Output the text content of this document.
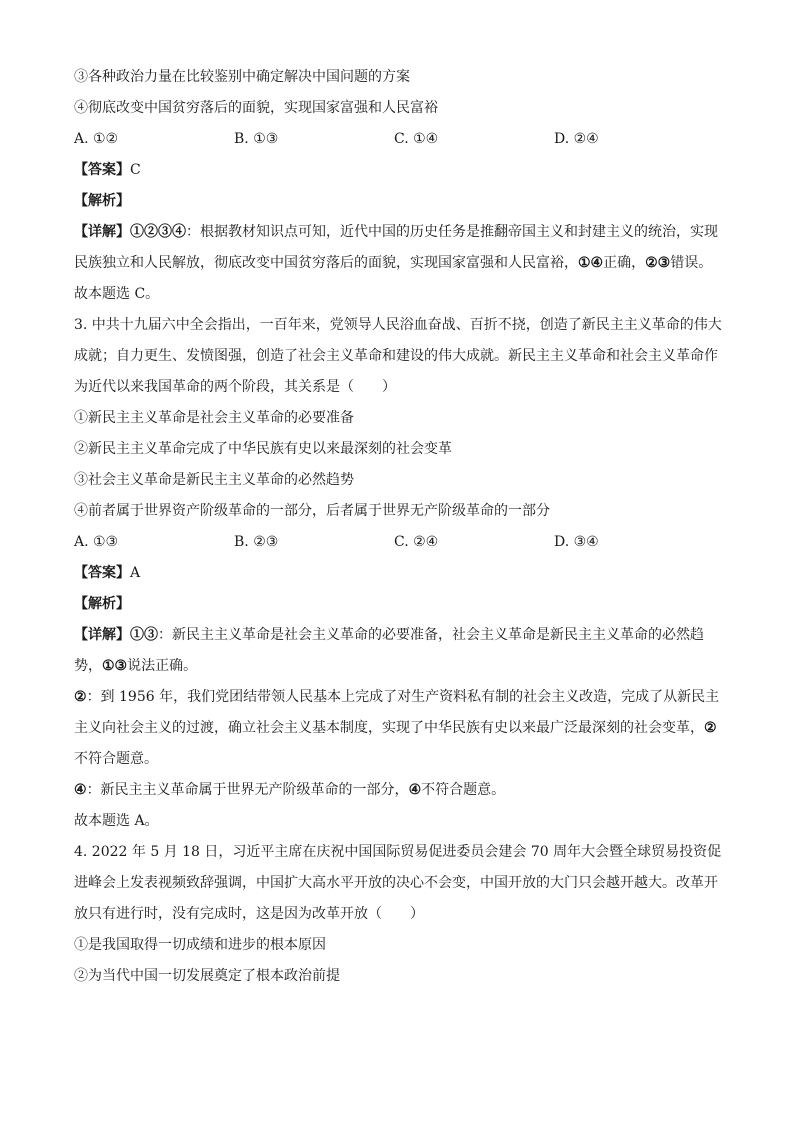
③各种政治力量在比较鉴别中确定解决中国问题的方案
④彻底改变中国贫穷落后的面貌，实现国家富强和人民富裕
A. ①②	B. ①③	C. ①④	D. ②④
【答案】C
【解析】
【详解】①②③④：根据教材知识点可知，近代中国的历史任务是推翻帝国主义和封建主义的统治，实现民族独立和人民解放，彻底改变中国贫穷落后的面貌，实现国家富强和人民富裕，①④正确，②③错误。
故本题选 C。
3. 中共十九届六中全会指出，一百年来，党领导人民浴血奋战、百折不挠，创造了新民主主义革命的伟大成就；自力更生、发愤图强，创造了社会主义革命和建设的伟大成就。新民主主义革命和社会主义革命作为近代以来我国革命的两个阶段，其关系是（　　）
①新民主主义革命是社会主义革命的必要准备
②新民主主义革命完成了中华民族有史以来最深刻的社会变革
③社会主义革命是新民主主义革命的必然趋势
④前者属于世界资产阶级革命的一部分，后者属于世界无产阶级革命的一部分
A. ①③	B. ②③	C. ②④	D. ③④
【答案】A
【解析】
【详解】①③：新民主主义革命是社会主义革命的必要准备，社会主义革命是新民主主义革命的必然趋势，①③说法正确。
②：到 1956 年，我们党团结带领人民基本上完成了对生产资料私有制的社会主义改造，完成了从新民主主义向社会主义的过渡，确立社会主义基本制度，实现了中华民族有史以来最广泛最深刻的社会变革，②不符合题意。
④：新民主主义革命属于世界无产阶级革命的一部分，④不符合题意。
故本题选 A。
4. 2022 年 5 月 18 日，习近平主席在庆祝中国国际贸易促进委员会建会 70 周年大会暨全球贸易投资促进峰会上发表视频致辞强调，中国扩大高水平开放的决心不会变，中国开放的大门只会越开越大。改革开放只有进行时，没有完成时，这是因为改革开放（　　）
①是我国取得一切成绩和进步的根本原因
②为当代中国一切发展奠定了根本政治前提
